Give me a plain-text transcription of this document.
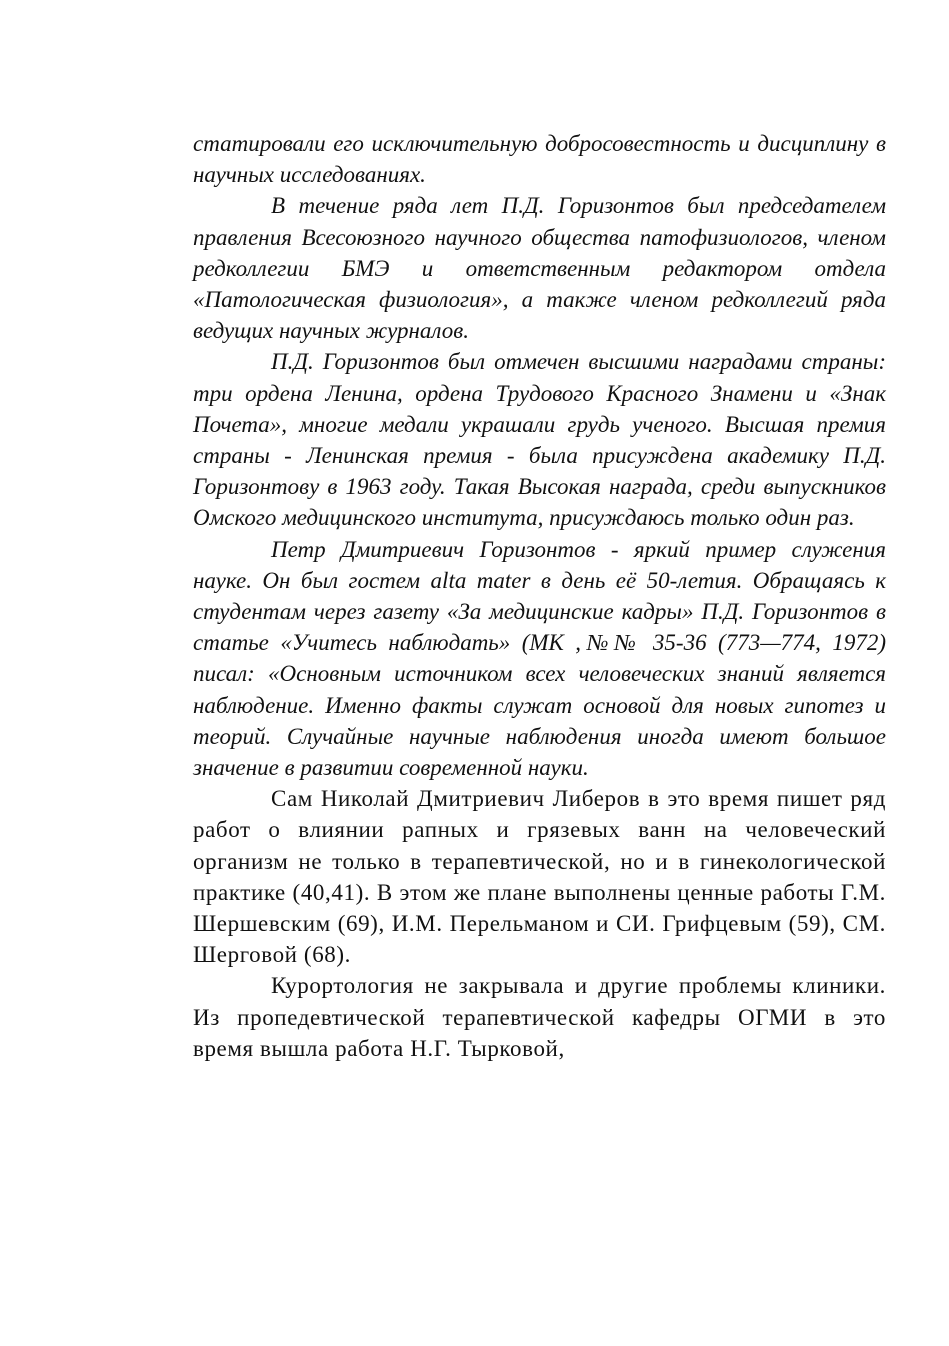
статировали его исключительную добросовестность и дисциплину в научных исследованиях.

В течение ряда лет П.Д. Горизонтов был председателем правления Всесоюзного научного общества патофизиологов, членом редколлегии БМЭ и ответственным редактором отдела «Патологическая физиология», а также членом редколлегий ряда ведущих научных журналов.

П.Д. Горизонтов был отмечен высшими наградами страны: три ордена Ленина, ордена Трудового Красного Знамени и «Знак Почета», многие медали украшали грудь ученого. Высшая премия страны - Ленинская премия - была присуждена академику П.Д. Горизонтову в 1963 году. Такая Высокая награда, среди выпускников Омского медицинского института, присуждаюсь только один раз.

Петр Дмитриевич Горизонтов - яркий пример служения науке. Он был гостем alta mater в день её 50-летия. Обращаясь к студентам через газету «За медицинские кадры» П.Д. Горизонтов в статье «Учитесь наблюдать» (МК ,№№ 35-36 (773—774, 1972) писал: «Основным источником всех человеческих знаний является наблюдение. Именно факты служат основой для новых гипотез и теорий. Случайные научные наблюдения иногда имеют большое значение в развитии современной науки.

Сам Николай Дмитриевич Либеров в это время пишет ряд работ о влиянии рапных и грязевых ванн на человеческий организм не только в терапевтической, но и в гинекологической практике (40,41). В этом же плане выполнены ценные работы Г.М. Шершевским (69), И.М. Перельманом и СИ. Грифцевым (59), СМ. Шерговой (68).

Курортология не закрывала и другие проблемы клиники. Из пропедевтической терапевтической кафедры ОГМИ в это время вышла работа Н.Г. Тырковой,
